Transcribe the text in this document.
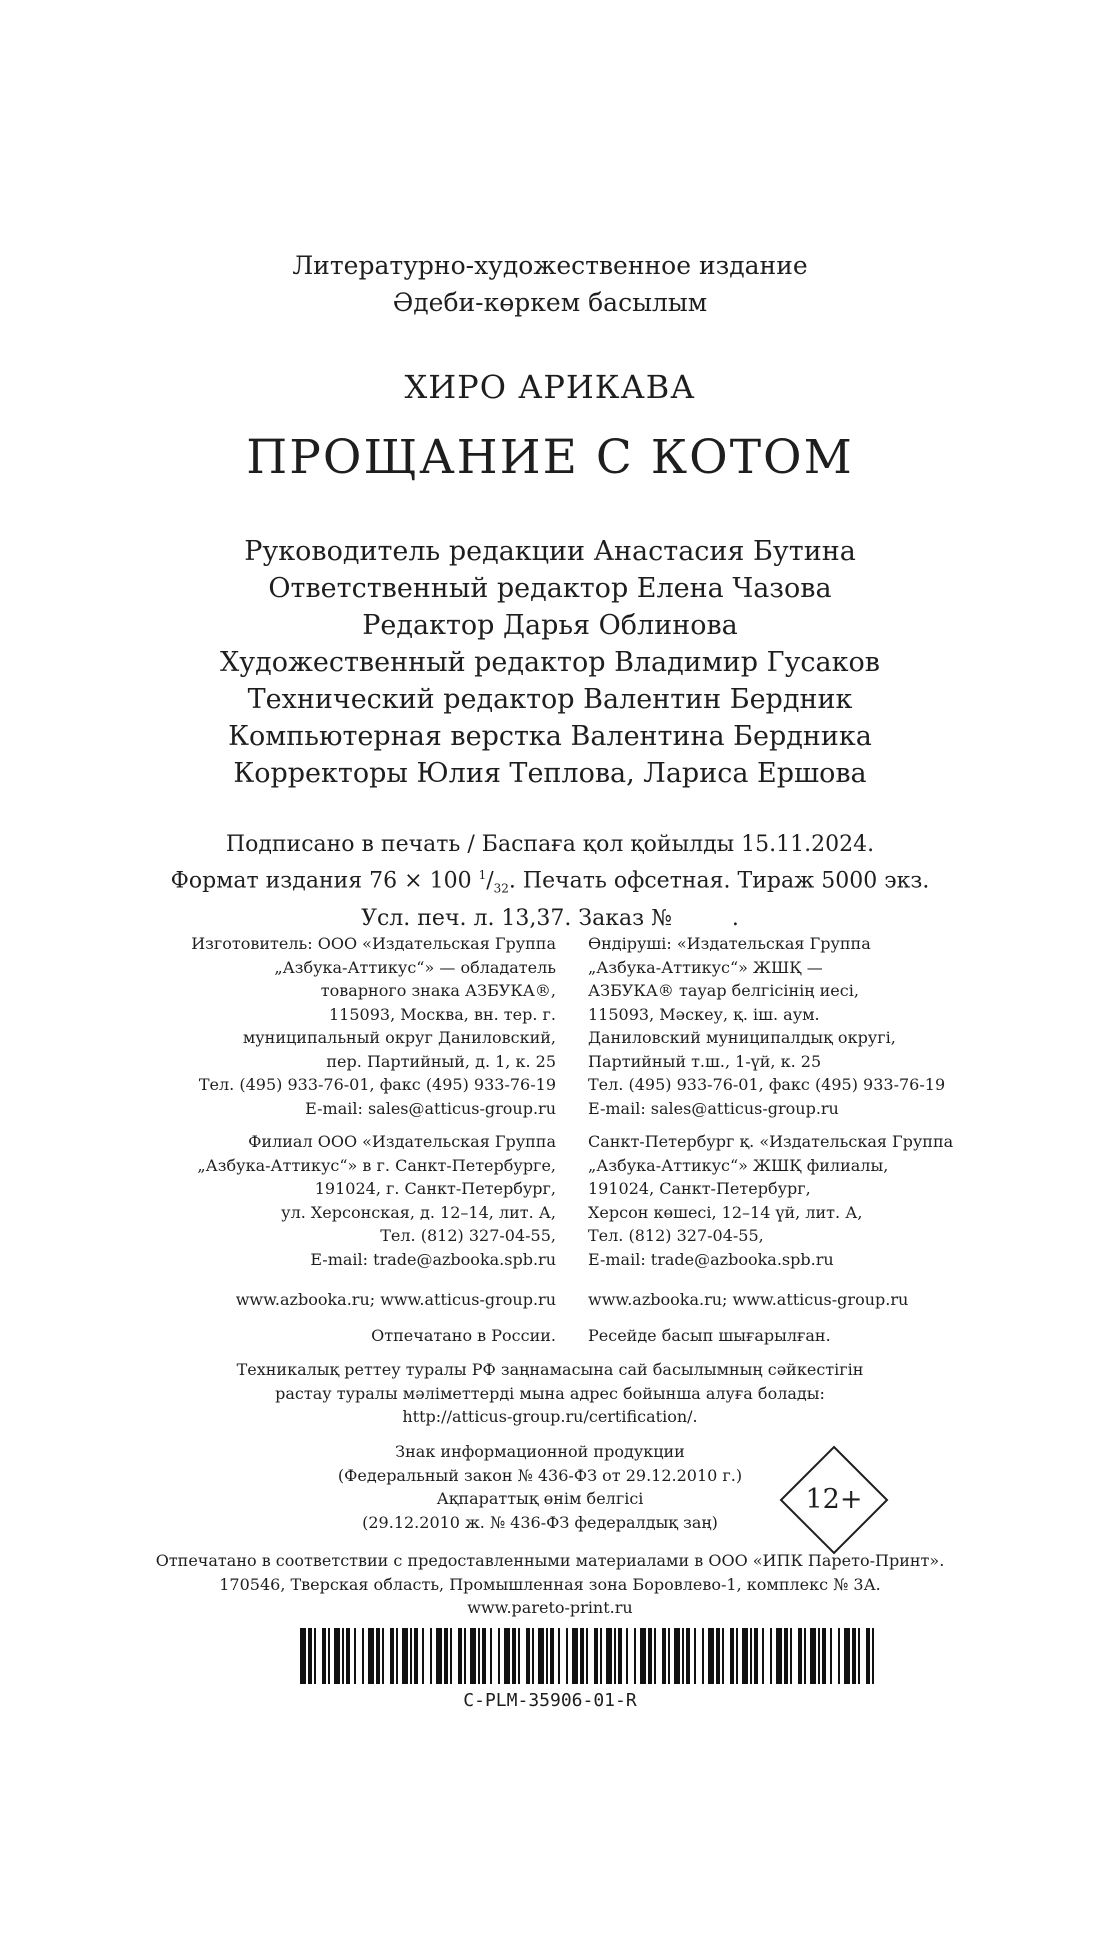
Литературно-художественное издание
Әдеби-көркем басылым
ХИРО АРИКАВА
ПРОЩАНИЕ С КОТОМ
Руководитель редакции Анастасия Бутина
Ответственный редактор Елена Чазова
Редактор Дарья Облинова
Художественный редактор Владимир Гусаков
Технический редактор Валентин Бердник
Компьютерная верстка Валентина Бердника
Корректоры Юлия Теплова, Лариса Ершова
Подписано в печать / Баспаға қол қойылды 15.11.2024.
Формат издания 76 × 100 $^1/_{32}$. Печать офсетная. Тираж 5000 экз.
Усл. печ. л. 13,37. Заказ №	.
Изготовитель: ООО «Издательская Группа
„Азбука-Аттикус“» — обладатель
товарного знака АЗБУКА®,
115093, Москва, вн. тер. г.
муниципальный округ Даниловский,
пер. Партийный, д. 1, к. 25
Тел. (495) 933-76-01, факс (495) 933-76-19
E-mail: sales@atticus-group.ru
Өндіруші: «Издательская Группа
„Азбука-Аттикус“» ЖШҚ —
АЗБУКА® тауар белгісінің иесі,
115093, Мәскеу, қ. іш. аум.
Даниловский муниципалдық округі,
Партийный т.ш., 1-үй, к. 25
Тел. (495) 933-76-01, факс (495) 933-76-19
E-mail: sales@atticus-group.ru
Филиал ООО «Издательская Группа
„Азбука-Аттикус“» в г. Санкт-Петербурге,
191024, г. Санкт-Петербург,
ул. Херсонская, д. 12–14, лит. А,
Тел. (812) 327-04-55,
E-mail: trade@azbooka.spb.ru
Санкт-Петербург қ. «Издательская Группа
„Азбука-Аттикус“» ЖШҚ филиалы,
191024, Санкт-Петербург,
Херсон көшесі, 12–14 үй, лит. А,
Тел. (812) 327-04-55,
E-mail: trade@azbooka.spb.ru
www.azbooka.ru; www.atticus-group.ru www.azbooka.ru; www.atticus-group.ru
Отпечатано в России. Ресейде басып шығарылған.
Техникалық реттеу туралы РФ заңнамасына сай басылымның сәйкестігін
растау туралы мәліметтерді мына адрес бойынша алуға болады:
http://atticus-group.ru/certification/.
Знак информационной продукции
(Федеральный закон № 436-ФЗ от 29.12.2010 г.)
Ақпараттық өнім белгісі
(29.12.2010 ж. № 436-ФЗ федералдық заң)
12+
Отпечатано в соответствии с предоставленными материалами в ООО «ИПК Парето-Принт».
170546, Тверская область, Промышленная зона Боровлево-1, комплекс № 3А.
www.pareto-print.ru
C-PLM-35906-01-R
